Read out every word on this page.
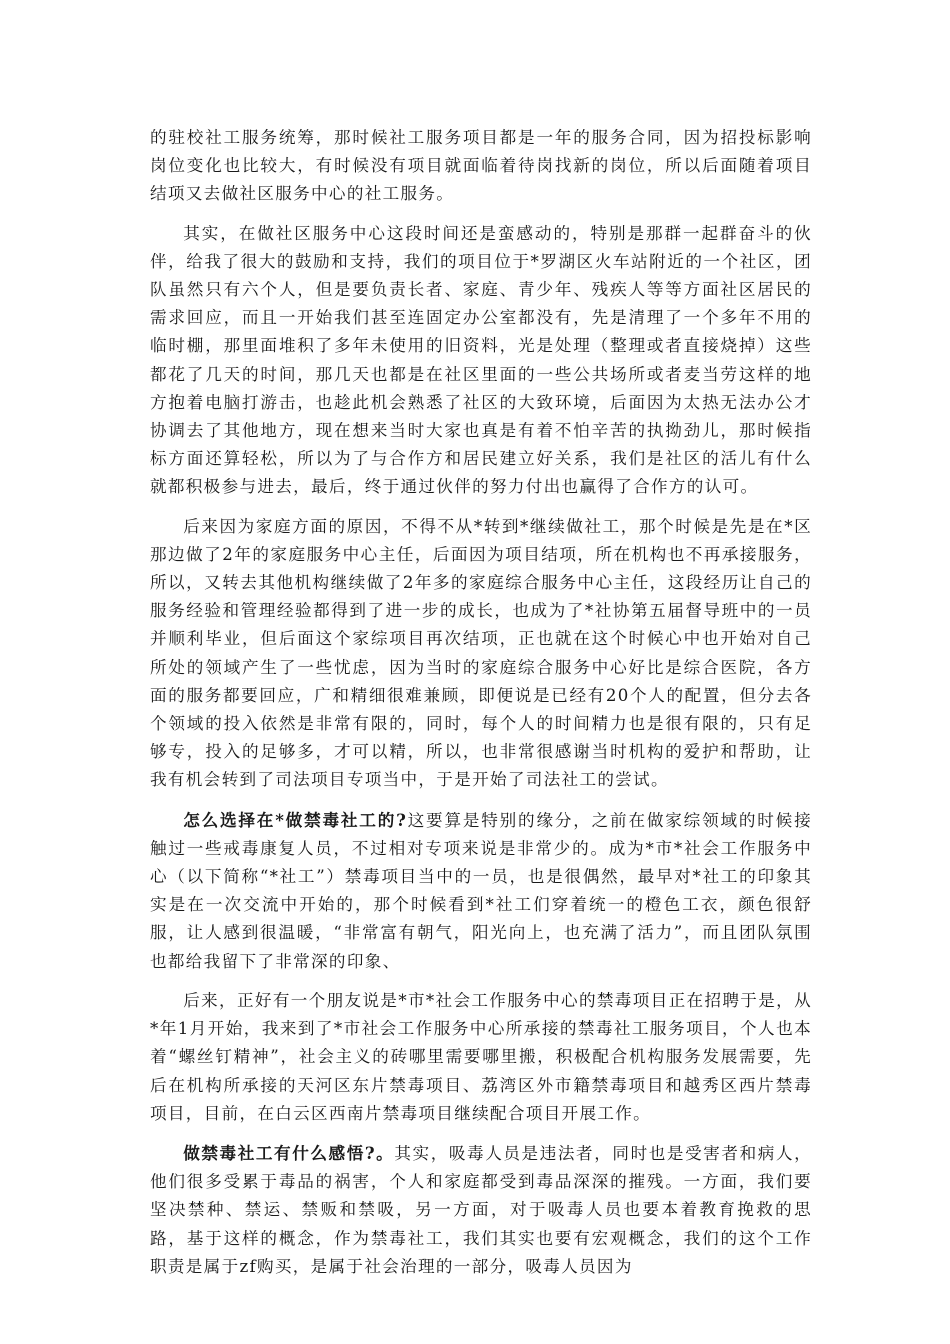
的驻校社工服务统筹，那时候社工服务项目都是一年的服务合同，因为招投标影响岗位变化也比较大，有时候没有项目就面临着待岗找新的岗位，所以后面随着项目结项又去做社区服务中心的社工服务。

其实，在做社区服务中心这段时间还是蛮感动的，特别是那群一起群奋斗的伙伴，给我了很大的鼓励和支持，我们的项目位于*罗湖区火车站附近的一个社区，团队虽然只有六个人，但是要负责长者、家庭、青少年、残疾人等等方面社区居民的需求回应，而且一开始我们甚至连固定办公室都没有，先是清理了一个多年不用的临时棚，那里面堆积了多年未使用的旧资料，光是处理（整理或者直接烧掉）这些都花了几天的时间，那几天也都是在社区里面的一些公共场所或者麦当劳这样的地方抱着电脑打游击，也趁此机会熟悉了社区的大致环境，后面因为太热无法办公才协调去了其他地方，现在想来当时大家也真是有着不怕辛苦的执拗劲儿，那时候指标方面还算轻松，所以为了与合作方和居民建立好关系，我们是社区的活儿有什么就都积极参与进去，最后，终于通过伙伴的努力付出也赢得了合作方的认可。

后来因为家庭方面的原因，不得不从*转到*继续做社工，那个时候是先是在*区那边做了2年的家庭服务中心主任，后面因为项目结项，所在机构也不再承接服务，所以，又转去其他机构继续做了2年多的家庭综合服务中心主任，这段经历让自己的服务经验和管理经验都得到了进一步的成长，也成为了*社协第五届督导班中的一员并顺利毕业，但后面这个家综项目再次结项，正也就在这个时候心中也开始对自己所处的领域产生了一些忧虑，因为当时的家庭综合服务中心好比是综合医院，各方面的服务都要回应，广和精细很难兼顾，即便说是已经有20个人的配置，但分去各个领域的投入依然是非常有限的，同时，每个人的时间精力也是很有限的，只有足够专，投入的足够多，才可以精，所以，也非常很感谢当时机构的爱护和帮助，让我有机会转到了司法项目专项当中，于是开始了司法社工的尝试。

怎么选择在*做禁毒社工的?这要算是特别的缘分，之前在做家综领域的时候接触过一些戒毒康复人员，不过相对专项来说是非常少的。成为*市*社会工作服务中心（以下简称“*社工”）禁毒项目当中的一员，也是很偶然，最早对*社工的印象其实是在一次交流中开始的，那个时候看到*社工们穿着统一的橙色工衣，颜色很舒服，让人感到很温暖，“非常富有朝气，阳光向上，也充满了活力”，而且团队氛围也都给我留下了非常深的印象、

后来，正好有一个朋友说是*市*社会工作服务中心的禁毒项目正在招聘于是，从*年1月开始，我来到了*市社会工作服务中心所承接的禁毒社工服务项目，个人也本着“螺丝钉精神”，社会主义的砖哪里需要哪里搬，积极配合机构服务发展需要，先后在机构所承接的天河区东片禁毒项目、荔湾区外市籍禁毒项目和越秀区西片禁毒项目，目前，在白云区西南片禁毒项目继续配合项目开展工作。

做禁毒社工有什么感悟?。其实，吸毒人员是违法者，同时也是受害者和病人，他们很多受累于毒品的祸害，个人和家庭都受到毒品深深的摧残。一方面，我们要坚决禁种、禁运、禁贩和禁吸，另一方面，对于吸毒人员也要本着教育挽救的思路，基于这样的概念，作为禁毒社工，我们其实也要有宏观概念，我们的这个工作职责是属于zf购买，是属于社会治理的一部分，吸毒人员因为
